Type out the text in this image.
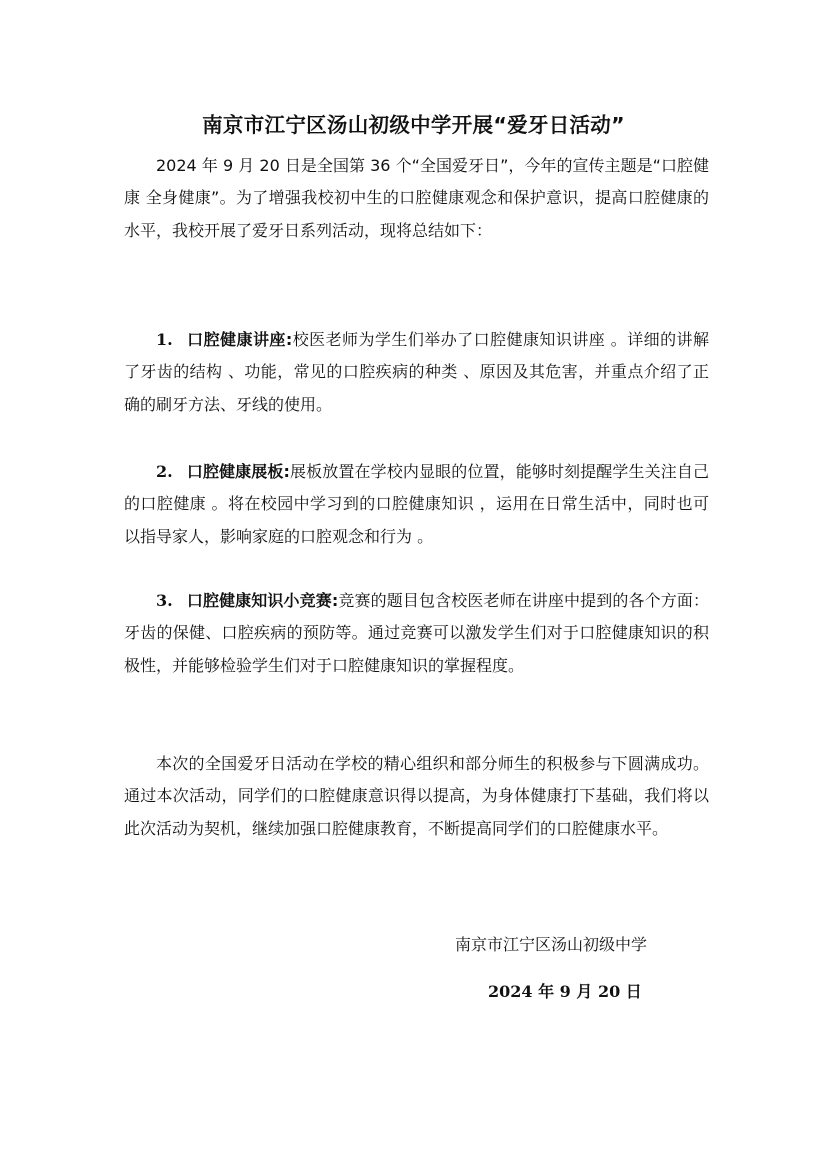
南京市江宁区汤山初级中学开展“爱牙日活动”
2024 年 9 月 20 日是全国第 36 个“全国爱牙日”，今年的宣传主题是“口腔健康 全身健康”。为了增强我校初中生的口腔健康观念和保护意识，提高口腔健康的水平，我校开展了爱牙日系列活动，现将总结如下：
1. 口腔健康讲座:校医老师为学生们举办了口腔健康知识讲座 。详细的讲解了牙齿的结构 、功能，常见的口腔疾病的种类 、原因及其危害，并重点介绍了正确的刷牙方法、牙线的使用。
2. 口腔健康展板:展板放置在学校内显眼的位置，能够时刻提醒学生关注自己的口腔健康 。将在校园中学习到的口腔健康知识 ，运用在日常生活中，同时也可以指导家人，影响家庭的口腔观念和行为 。
3. 口腔健康知识小竞赛:竞赛的题目包含校医老师在讲座中提到的各个方面：牙齿的保健、口腔疾病的预防等。通过竞赛可以激发学生们对于口腔健康知识的积极性，并能够检验学生们对于口腔健康知识的掌握程度。
本次的全国爱牙日活动在学校的精心组织和部分师生的积极参与下圆满成功。通过本次活动，同学们的口腔健康意识得以提高，为身体健康打下基础，我们将以此次活动为契机，继续加强口腔健康教育，不断提高同学们的口腔健康水平。
南京市江宁区汤山初级中学
2024 年 9 月 20 日
